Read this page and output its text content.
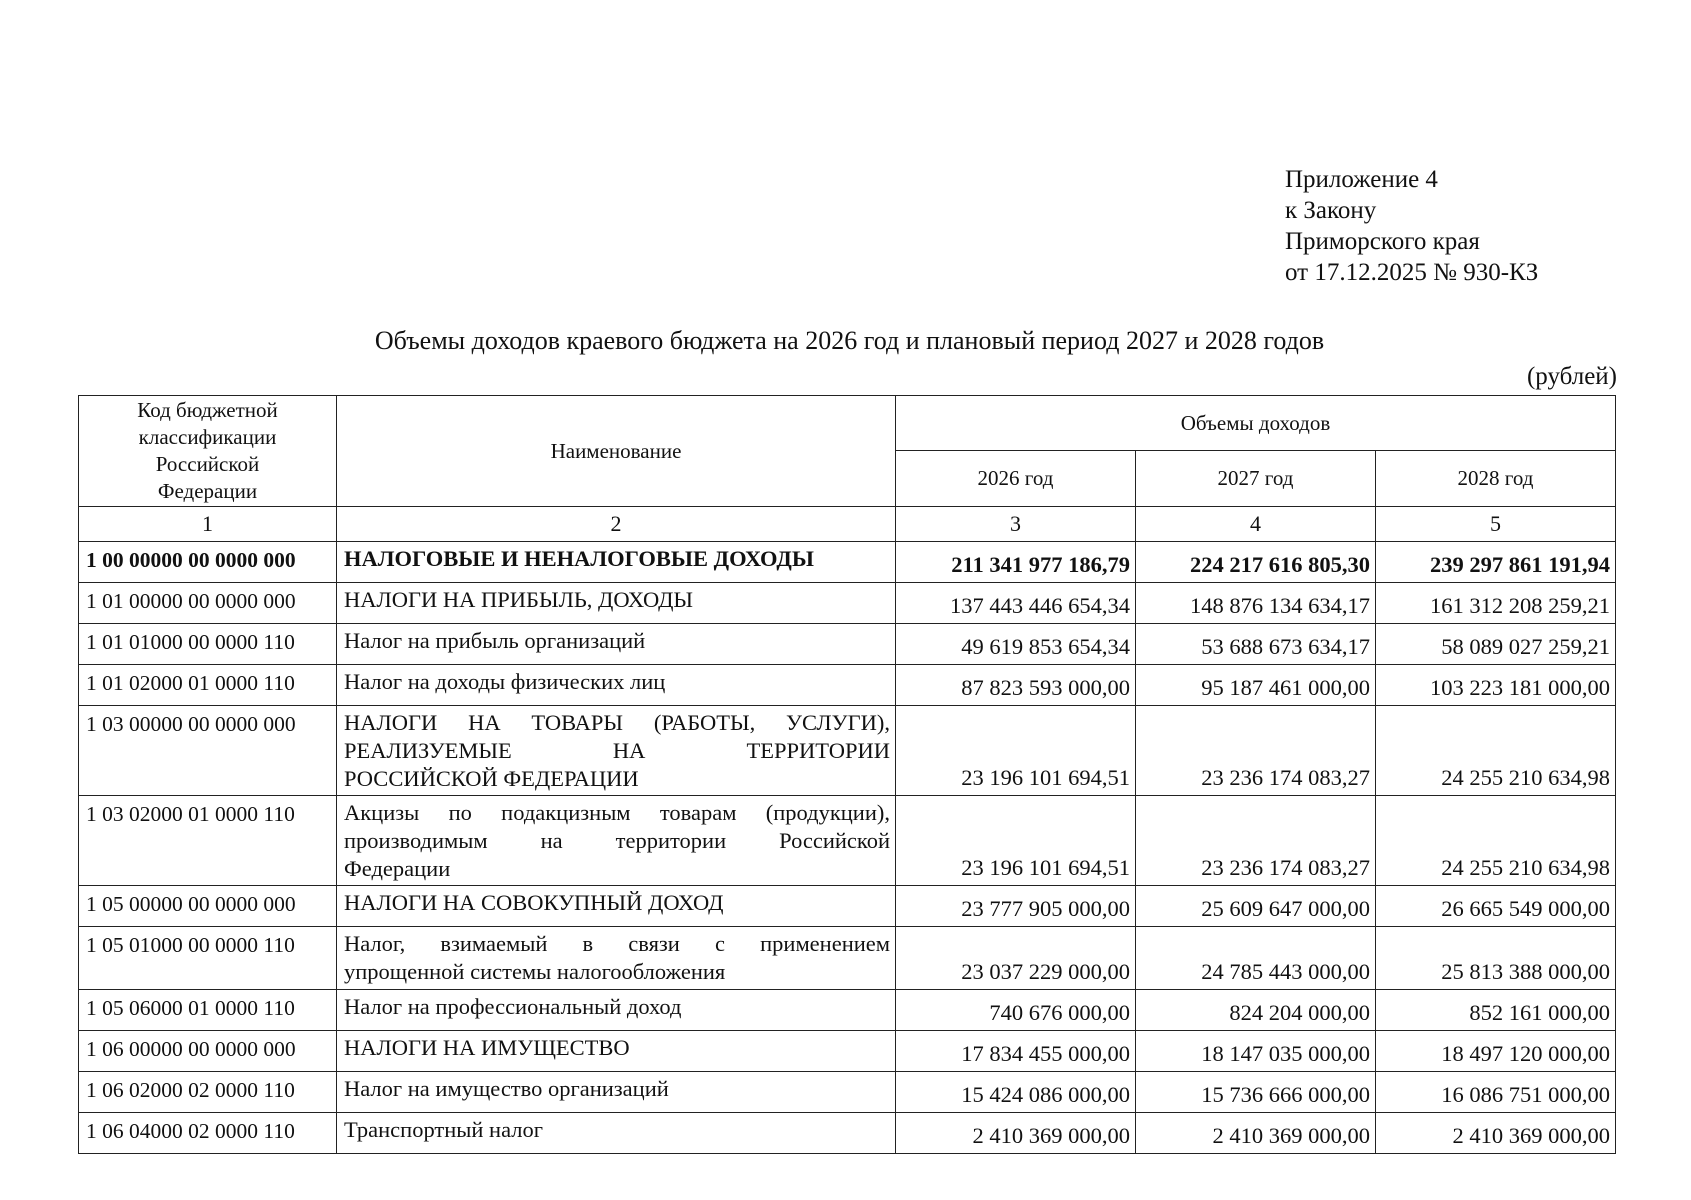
Приложение 4
к Закону
Приморского края
от 17.12.2025 № 930-КЗ
Объемы доходов краевого бюджета на 2026 год и плановый период 2027 и 2028 годов
(рублей)
Код бюджетной
классификации
Российской
Федерации	Наименование	Объемы доходов		
		2026 год	2027 год	2028 год
1	2	3	4	5
1 00 00000 00 0000 000	НАЛОГОВЫЕ И НЕНАЛОГОВЫЕ ДОХОДЫ	211 341 977 186,79	224 217 616 805,30	239 297 861 191,94
1 01 00000 00 0000 000	НАЛОГИ НА ПРИБЫЛЬ, ДОХОДЫ	137 443 446 654,34	148 876 134 634,17	161 312 208 259,21
1 01 01000 00 0000 110	Налог на прибыль организаций	49 619 853 654,34	53 688 673 634,17	58 089 027 259,21
1 01 02000 01 0000 110	Налог на доходы физических лиц	87 823 593 000,00	95 187 461 000,00	103 223 181 000,00
1 03 00000 00 0000 000	НАЛОГИ НА ТОВАРЫ (РАБОТЫ, УСЛУГИ),
РЕАЛИЗУЕМЫЕ НА ТЕРРИТОРИИ
РОССИЙСКОЙ ФЕДЕРАЦИИ	23 196 101 694,51	23 236 174 083,27	24 255 210 634,98
1 03 02000 01 0000 110	Акцизы по подакцизным товарам (продукции),
производимым на территории Российской
Федерации	23 196 101 694,51	23 236 174 083,27	24 255 210 634,98
1 05 00000 00 0000 000	НАЛОГИ НА СОВОКУПНЫЙ ДОХОД	23 777 905 000,00	25 609 647 000,00	26 665 549 000,00
1 05 01000 00 0000 110	Налог, взимаемый в связи с применением
упрощенной системы налогообложения	23 037 229 000,00	24 785 443 000,00	25 813 388 000,00
1 05 06000 01 0000 110	Налог на профессиональный доход	740 676 000,00	824 204 000,00	852 161 000,00
1 06 00000 00 0000 000	НАЛОГИ НА ИМУЩЕСТВО	17 834 455 000,00	18 147 035 000,00	18 497 120 000,00
1 06 02000 02 0000 110	Налог на имущество организаций	15 424 086 000,00	15 736 666 000,00	16 086 751 000,00
1 06 04000 02 0000 110	Транспортный налог	2 410 369 000,00	2 410 369 000,00	2 410 369 000,00
